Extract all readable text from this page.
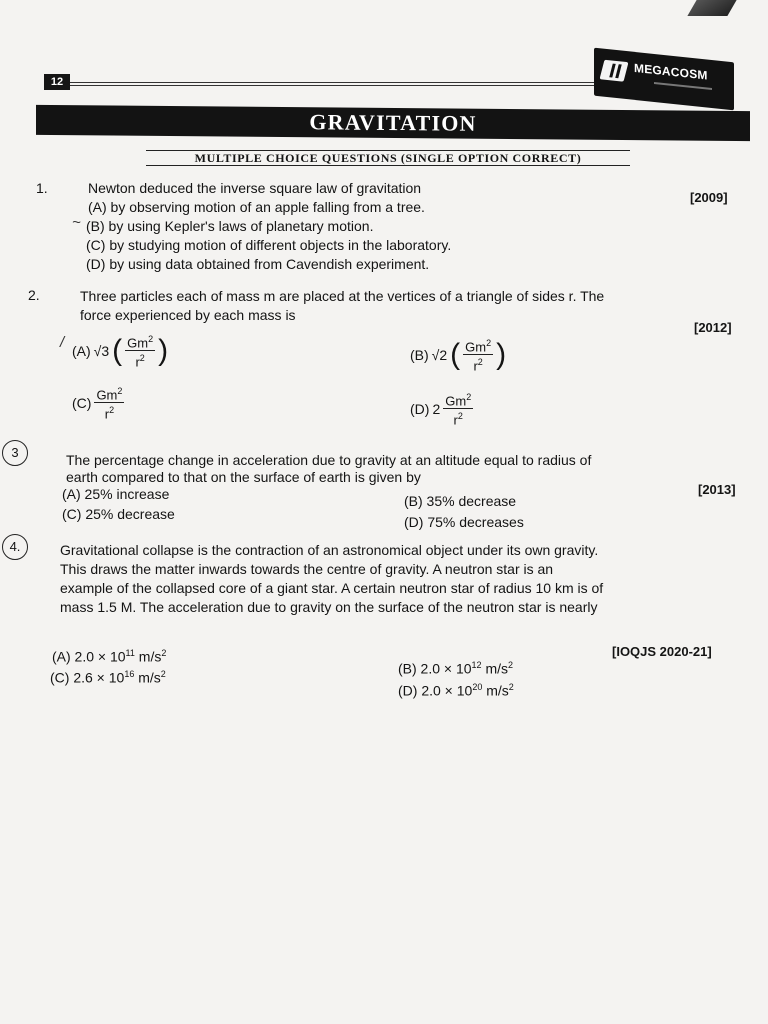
12	MEGACOSM
GRAVITATION
MULTIPLE CHOICE QUESTIONS (SINGLE OPTION CORRECT)
1.
[2009]
Newton deduced the inverse square law of gravitation
(A) by observing motion of an apple falling from a tree.
~ (B) by using Kepler's laws of planetary motion.
(C) by studying motion of different objects in the laboratory.
(D) by using data obtained from Cavendish experiment.
2.	Three particles each of mass m are placed at the vertices of a triangle of sides r. The
force experienced by each mass is
[2012]
/ (A) √3 ( $\frac{Gm^2}{r^2}$ )	(B) √2 ( $\frac{Gm^2}{r^2}$ )
$(C) \frac{Gm^2}{r^2}$	(D) $2 \frac{Gm^2}{r^2}$
3	The percentage change in acceleration due to gravity at an altitude equal to radius of
earth compared to that on the surface of earth is given by
[2013]
(A) 25% increase	(B) 35% decrease
(C) 25% decrease	(D) 75% decreases
4.	Gravitational collapse is the contraction of an astronomical object under its own gravity.
This draws the matter inwards towards the centre of gravity. A neutron star is an
example of the collapsed core of a giant star. A certain neutron star of radius 10 km is of
mass 1.5 M. The acceleration due to gravity on the surface of the neutron star is nearly
[IOQJS 2020-21]
(A) $2.0 \times 10^{11}$ $m/s^2$
(B) $2.0 \times 10^{12}$ $m/s^2$
(C) $2.6 \times 10^{16}$ $m/s^2$
(D) $2.0 \times 10^{20}$ $m/s^2$
